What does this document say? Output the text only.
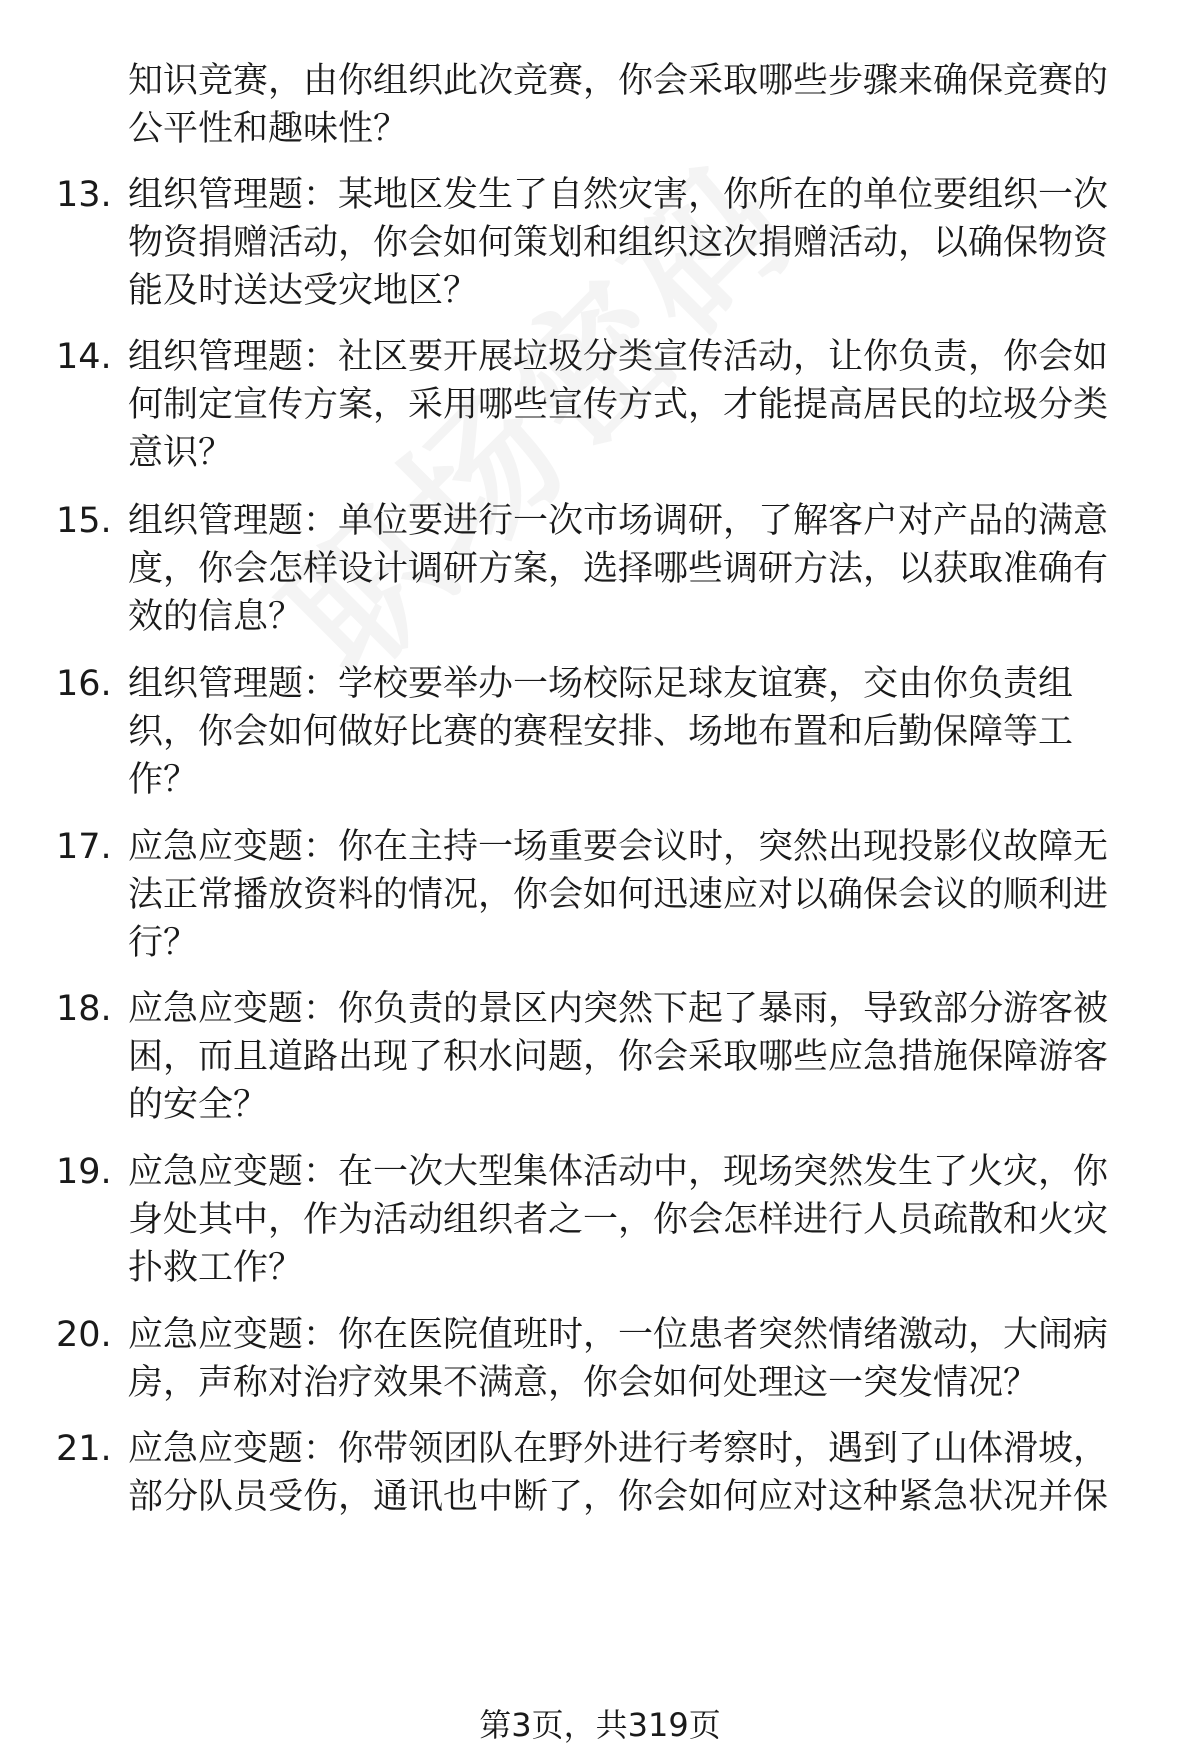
知识竞赛，由你组织此次竞赛，你会采取哪些步骤来确保竞赛的公平性和趣味性？

13. 组织管理题：某地区发生了自然灾害，你所在的单位要组织一次物资捐赠活动，你会如何策划和组织这次捐赠活动，以确保物资能及时送达受灾地区？

14. 组织管理题：社区要开展垃圾分类宣传活动，让你负责，你会如何制定宣传方案，采用哪些宣传方式，才能提高居民的垃圾分类意识？

15. 组织管理题：单位要进行一次市场调研，了解客户对产品的满意度，你会怎样设计调研方案，选择哪些调研方法，以获取准确有效的信息？

16. 组织管理题：学校要举办一场校际足球友谊赛，交由你负责组织，你会如何做好比赛的赛程安排、场地布置和后勤保障等工作？

17. 应急应变题：你在主持一场重要会议时，突然出现投影仪故障无法正常播放资料的情况，你会如何迅速应对以确保会议的顺利进行？

18. 应急应变题：你负责的景区内突然下起了暴雨，导致部分游客被困，而且道路出现了积水问题，你会采取哪些应急措施保障游客的安全？

19. 应急应变题：在一次大型集体活动中，现场突然发生了火灾，你身处其中，作为活动组织者之一，你会怎样进行人员疏散和火灾扑救工作？

20. 应急应变题：你在医院值班时，一位患者突然情绪激动，大闹病房，声称对治疗效果不满意，你会如何处理这一突发情况？

21. 应急应变题：你带领团队在野外进行考察时，遇到了山体滑坡，部分队员受伤，通讯也中断了，你会如何应对这种紧急状况并保

第3页，共319页
